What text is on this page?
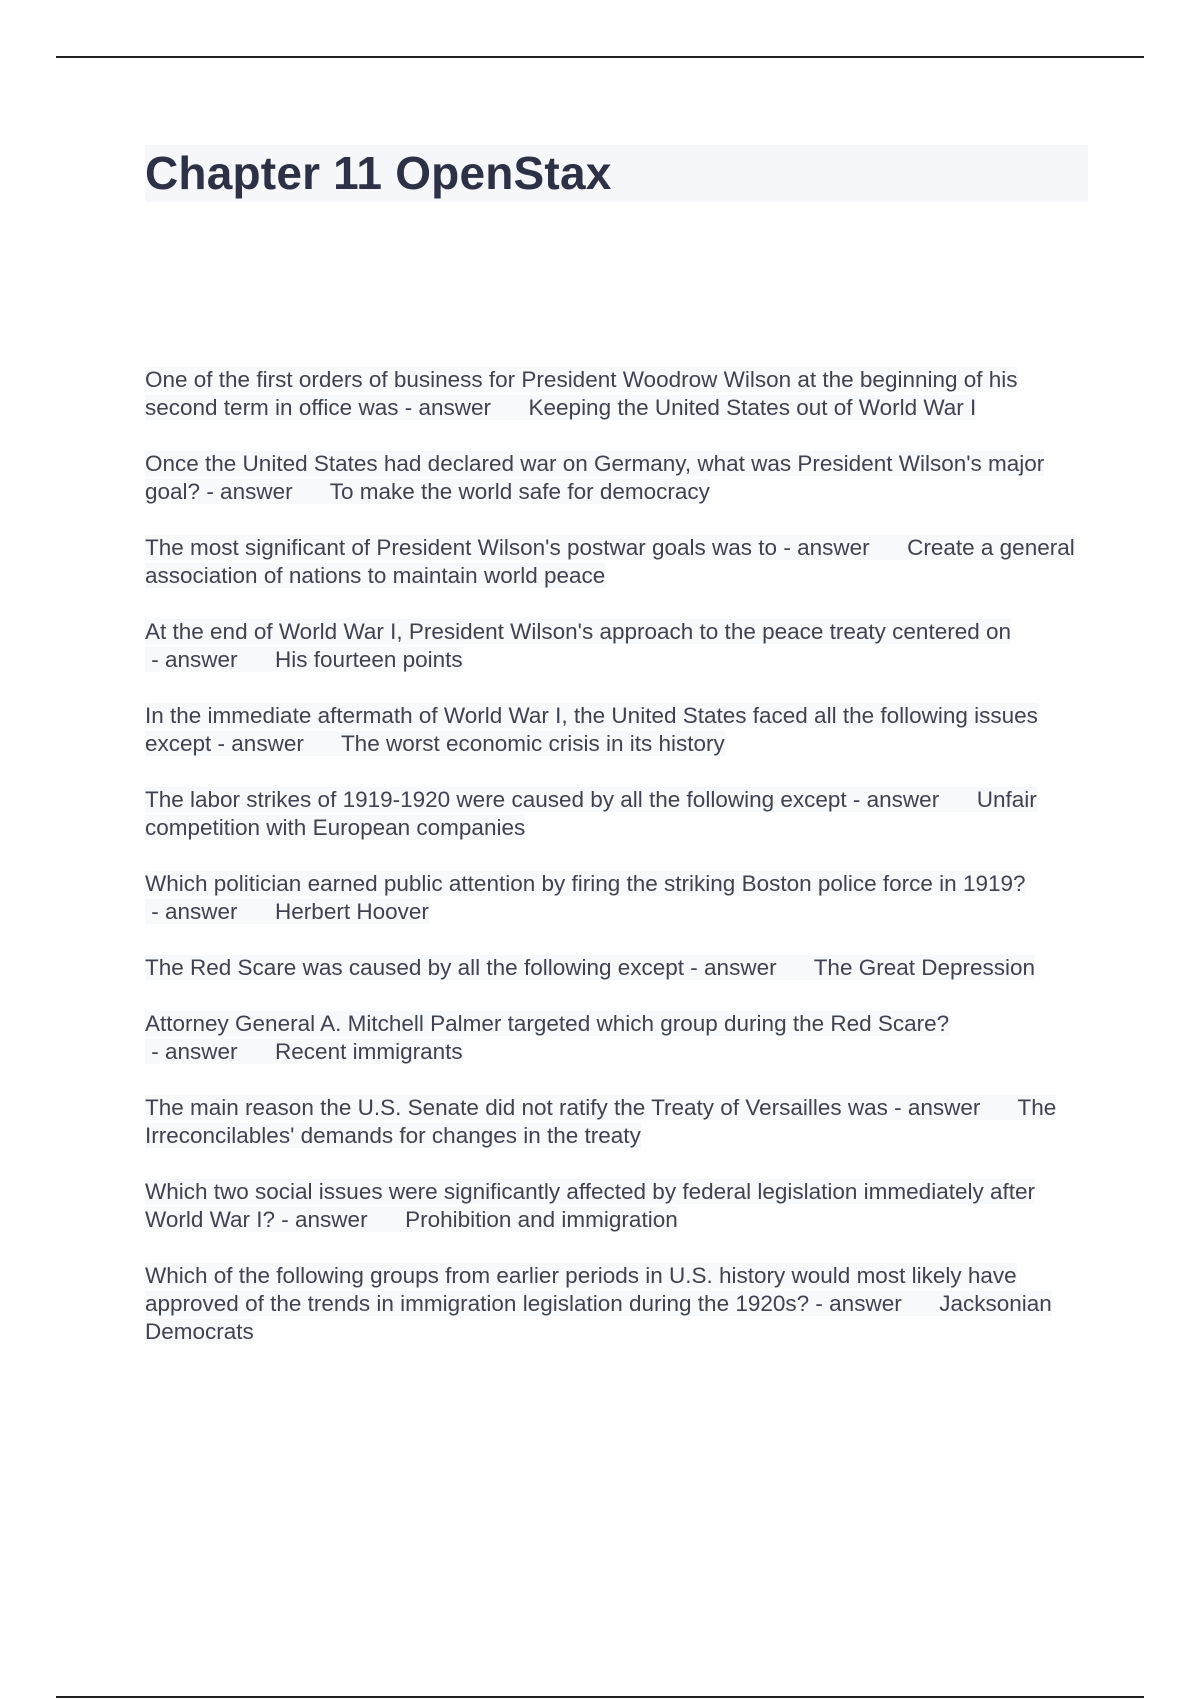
Chapter 11 OpenStax

One of the first orders of business for President Woodrow Wilson at the beginning of his second term in office was - answer      Keeping the United States out of World War I

Once the United States had declared war on Germany, what was President Wilson's major goal? - answer      To make the world safe for democracy

The most significant of President Wilson's postwar goals was to - answer      Create a general association of nations to maintain world peace

At the end of World War I, President Wilson's approach to the peace treaty centered on - answer      His fourteen points

In the immediate aftermath of World War I, the United States faced all the following issues except - answer      The worst economic crisis in its history

The labor strikes of 1919-1920 were caused by all the following except - answer      Unfair competition with European companies

Which politician earned public attention by firing the striking Boston police force in 1919? - answer      Herbert Hoover

The Red Scare was caused by all the following except - answer      The Great Depression

Attorney General A. Mitchell Palmer targeted which group during the Red Scare? - answer      Recent immigrants

The main reason the U.S. Senate did not ratify the Treaty of Versailles was - answer      The Irreconcilables' demands for changes in the treaty

Which two social issues were significantly affected by federal legislation immediately after World War I? - answer      Prohibition and immigration

Which of the following groups from earlier periods in U.S. history would most likely have approved of the trends in immigration legislation during the 1920s? - answer      Jacksonian Democrats
